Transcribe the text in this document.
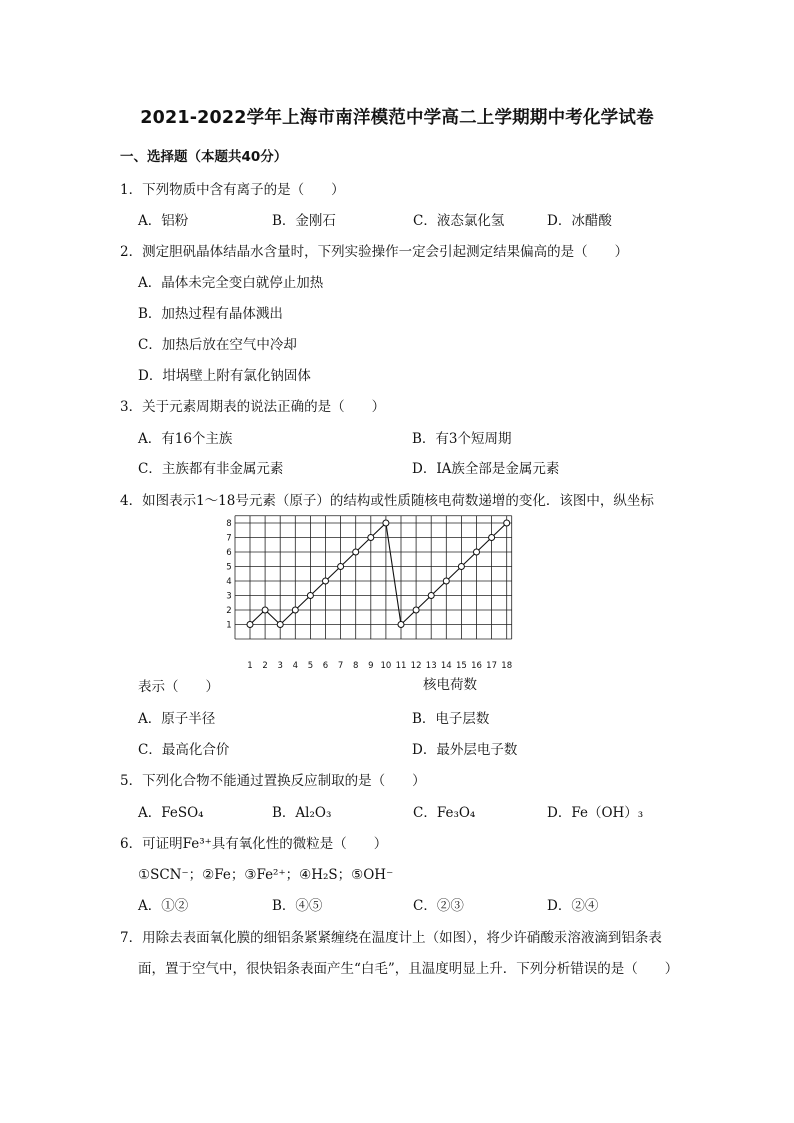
2021-2022学年上海市南洋模范中学高二上学期期中考化学试卷
一、选择题（本题共40分）
1．下列物质中含有离子的是（　　）
A．铝粉	B．金刚石	C．液态氯化氢	D．冰醋酸
2．测定胆矾晶体结晶水含量时，下列实验操作一定会引起测定结果偏高的是（　　）
A．晶体未完全变白就停止加热
B．加热过程有晶体溅出
C．加热后放在空气中冷却
D．坩埚壁上附有氯化钠固体
3．关于元素周期表的说法正确的是（　　）
A．有16个主族	B．有3个短周期
C．主族都有非金属元素	D．IA族全部是金属元素
4．如图表示1～18号元素（原子）的结构或性质随核电荷数递增的变化．该图中，纵坐标
1
2
3
4
5
6
7
8
1 2 3 4 5 6 7 8 9 10 11 12 13 14 15 16 17 18
表示（　　）	核电荷数
A．原子半径	B．电子层数
C．最高化合价	D．最外层电子数
5．下列化合物不能通过置换反应制取的是（　　）
A．FeSO₄	B．Al₂O₃	C．Fe₃O₄	D．Fe（OH）₃
6．可证明Fe³⁺具有氧化性的微粒是（　　）
①SCN⁻；②Fe；③Fe²⁺；④H₂S；⑤OH⁻
A．①②	B．④⑤	C．②③	D．②④
7．用除去表面氧化膜的细铝条紧紧缠绕在温度计上（如图），将少许硝酸汞溶液滴到铝条表
面，置于空气中，很快铝条表面产生“白毛”，且温度明显上升．下列分析错误的是（　　）
